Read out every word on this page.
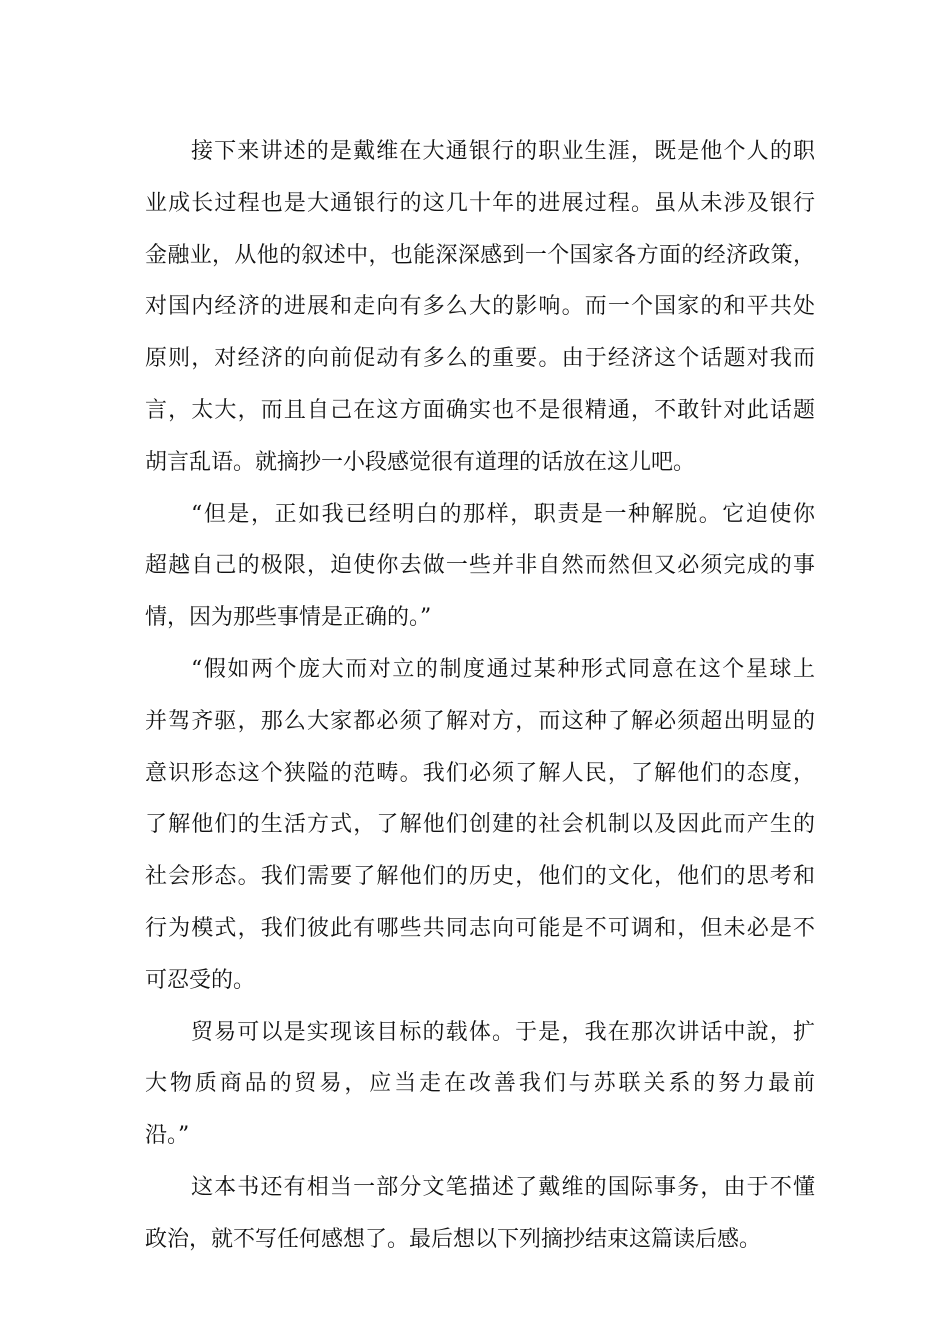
接下来讲述的是戴维在大通银行的职业生涯，既是他个人的职
业成长过程也是大通银行的这几十年的进展过程。虽从未涉及银行
金融业，从他的叙述中，也能深深感到一个国家各方面的经济政策，
对国内经济的进展和走向有多么大的影响。而一个国家的和平共处
原则，对经济的向前促动有多么的重要。由于经济这个话题对我而
言，太大，而且自己在这方面确实也不是很精通，不敢针对此话题
胡言乱语。就摘抄一小段感觉很有道理的话放在这儿吧。
“但是，正如我已经明白的那样，职责是一种解脱。它迫使你
超越自己的极限，迫使你去做一些并非自然而然但又必须完成的事
情，因为那些事情是正确的。”
“假如两个庞大而对立的制度通过某种形式同意在这个星球上
并驾齐驱，那么大家都必须了解对方，而这种了解必须超出明显的
意识形态这个狭隘的范畴。我们必须了解人民，了解他们的态度，
了解他们的生活方式，了解他们创建的社会机制以及因此而产生的
社会形态。我们需要了解他们的历史，他们的文化，他们的思考和
行为模式，我们彼此有哪些共同志向可能是不可调和，但未必是不
可忍受的。
贸易可以是实现该目标的载体。于是，我在那次讲话中說，扩
大物质商品的贸易，应当走在改善我们与苏联关系的努力最前
沿。”
这本书还有相当一部分文笔描述了戴维的国际事务，由于不懂
政治，就不写任何感想了。最后想以下列摘抄结束这篇读后感。
